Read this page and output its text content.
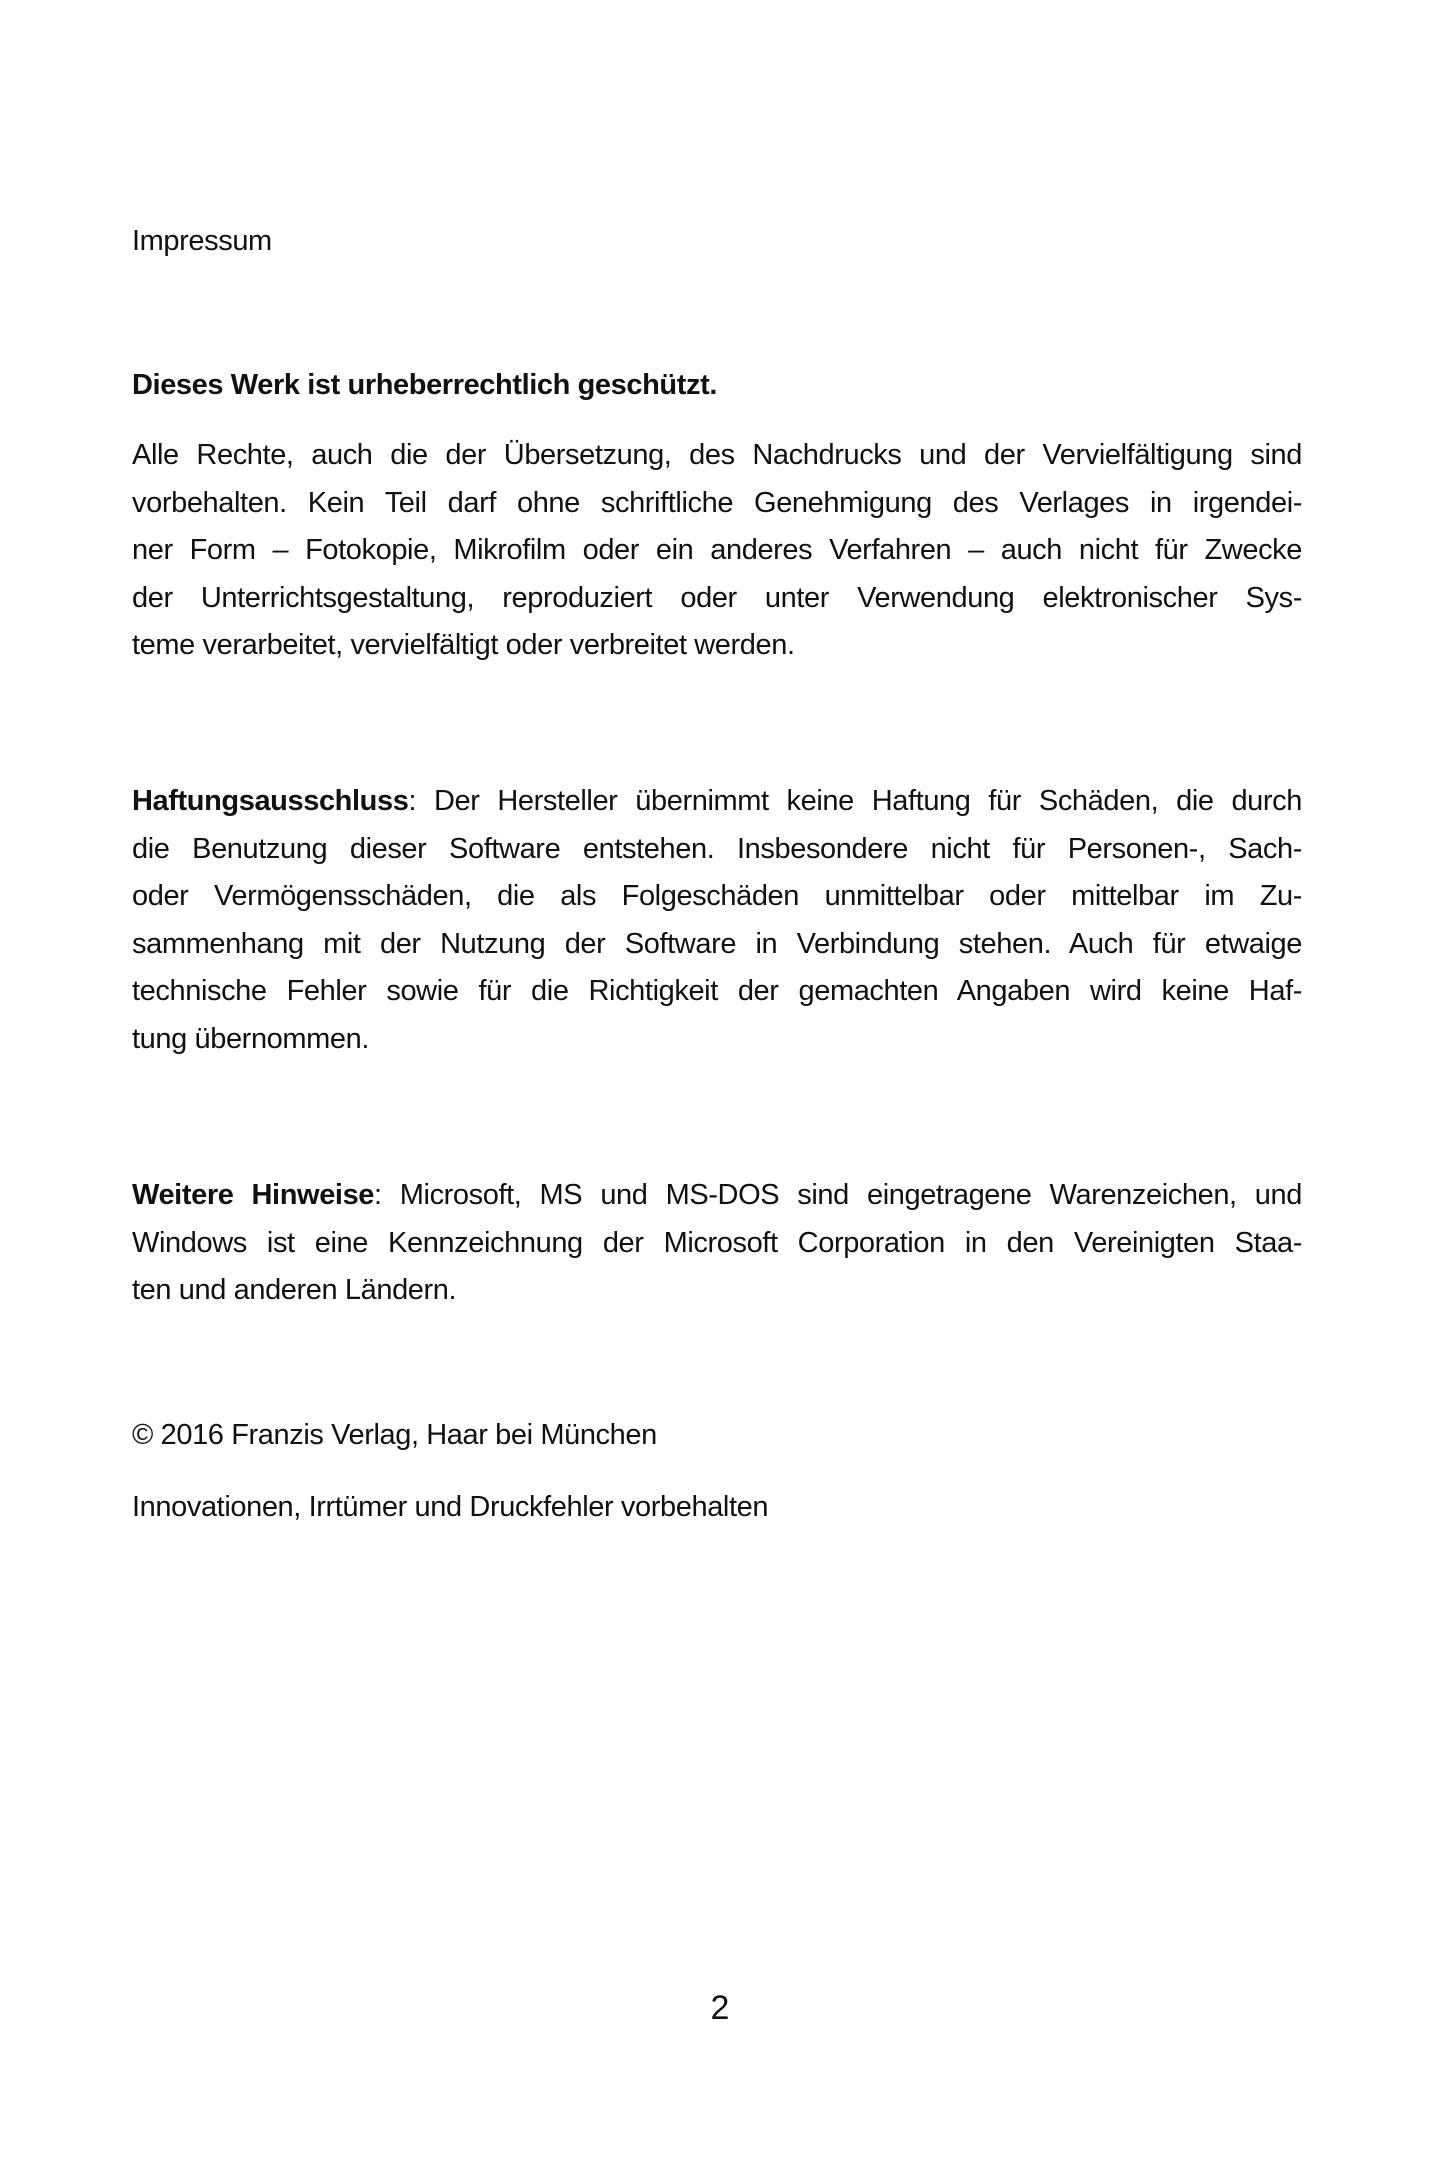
Impressum
Dieses Werk ist urheberrechtlich geschützt.
Alle Rechte, auch die der Übersetzung, des Nachdrucks und der Vervielfältigung sind
vorbehalten. Kein Teil darf ohne schriftliche Genehmigung des Verlages in irgendei-
ner Form – Fotokopie, Mikrofilm oder ein anderes Verfahren – auch nicht für Zwecke
der Unterrichtsgestaltung, reproduziert oder unter Verwendung elektronischer Sys-
teme verarbeitet, vervielfältigt oder verbreitet werden.
Haftungsausschluss: Der Hersteller übernimmt keine Haftung für Schäden, die durch
die Benutzung dieser Software entstehen. Insbesondere nicht für Personen-, Sach-
oder Vermögensschäden, die als Folgeschäden unmittelbar oder mittelbar im Zu-
sammenhang mit der Nutzung der Software in Verbindung stehen. Auch für etwaige
technische Fehler sowie für die Richtigkeit der gemachten Angaben wird keine Haf-
tung übernommen.
Weitere Hinweise: Microsoft, MS und MS-DOS sind eingetragene Warenzeichen, und
Windows ist eine Kennzeichnung der Microsoft Corporation in den Vereinigten Staa-
ten und anderen Ländern.
© 2016 Franzis Verlag, Haar bei München
Innovationen, Irrtümer und Druckfehler vorbehalten
2
